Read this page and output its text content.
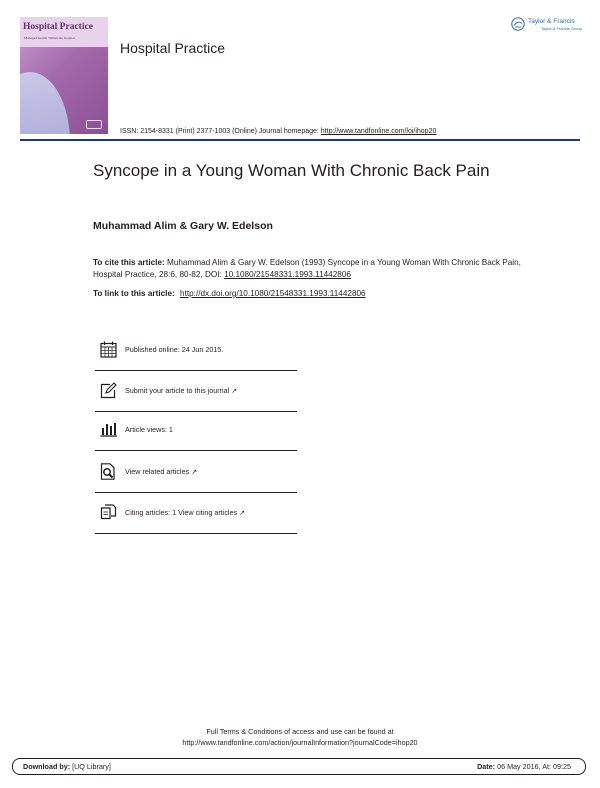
Hospital Practice
Managed health. Within the hospital
Hospital Practice
Taylor & Francis
Taylor & Francis Group
ISSN: 2154-8331 (Print) 2377-1003 (Online) Journal homepage: http://www.tandfonline.com/loi/ihop20
Syncope in a Young Woman With Chronic Back Pain
Muhammad Alim & Gary W. Edelson
To cite this article: Muhammad Alim & Gary W. Edelson (1993) Syncope in a Young Woman With Chronic Back Pain, Hospital Practice, 28:6, 80-82, DOI: 10.1080/21548331.1993.11442806
To link to this article: http://dx.doi.org/10.1080/21548331.1993.11442806
Published online: 24 Jun 2015.
Submit your article to this journal ↗
Article views: 1
View related articles ↗
Citing articles: 1 View citing articles ↗
Full Terms & Conditions of access and use can be found at
http://www.tandfonline.com/action/journalInformation?journalCode=ihop20
Download by: [UQ Library]	Date: 06 May 2016, At: 09:25
